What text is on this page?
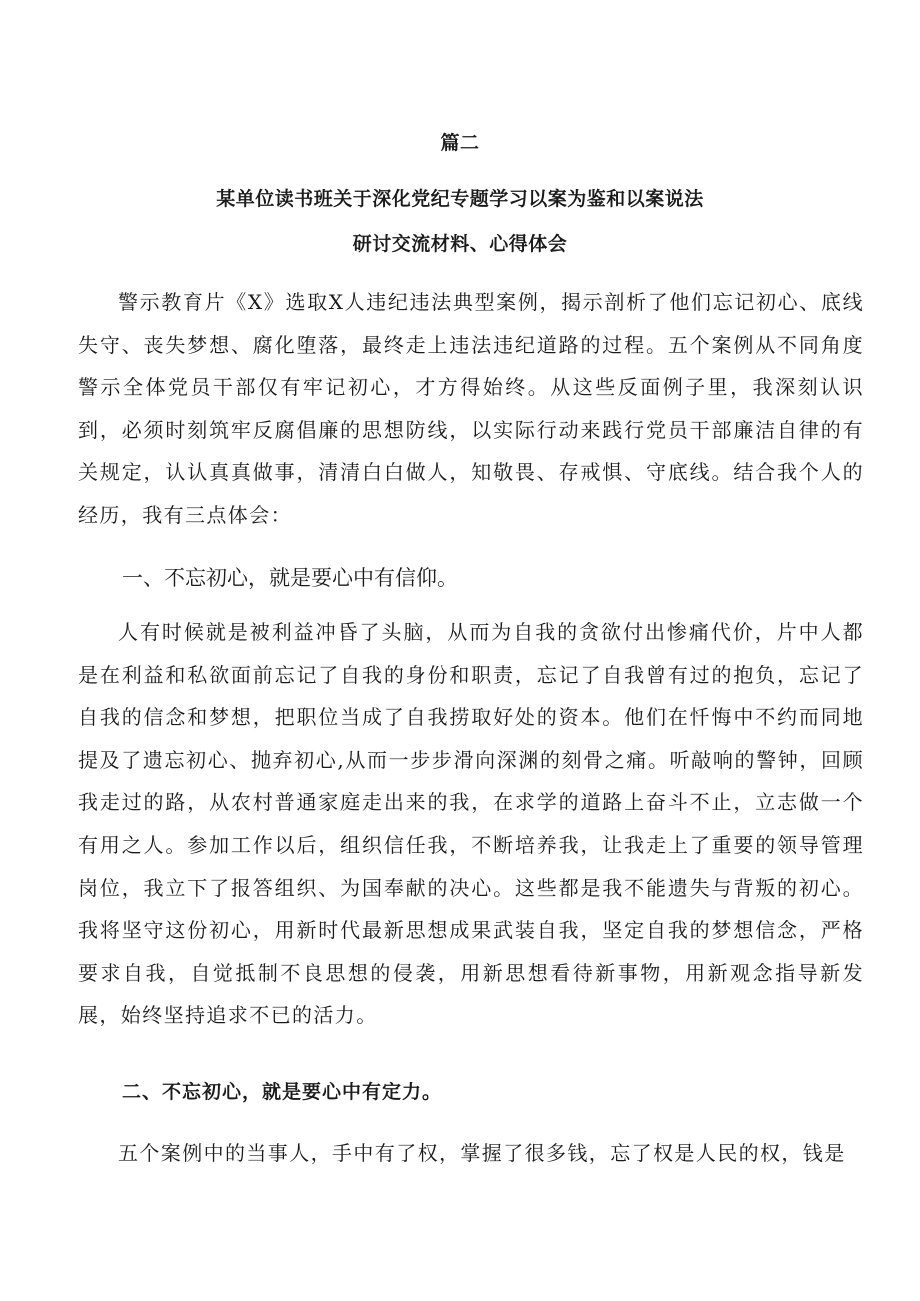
篇二
某单位读书班关于深化党纪专题学习以案为鉴和以案说法
研讨交流材料、心得体会

警示教育片《X》选取X人违纪违法典型案例，揭示剖析了他们忘记初心、底线失守、丧失梦想、腐化堕落，最终走上违法违纪道路的过程。五个案例从不同角度警示全体党员干部仅有牢记初心，才方得始终。从这些反面例子里，我深刻认识到，必须时刻筑牢反腐倡廉的思想防线，以实际行动来践行党员干部廉洁自律的有关规定，认认真真做事，清清白白做人，知敬畏、存戒惧、守底线。结合我个人的经历，我有三点体会：

一、不忘初心，就是要心中有信仰。

人有时候就是被利益冲昏了头脑，从而为自我的贪欲付出惨痛代价，片中人都是在利益和私欲面前忘记了自我的身份和职责，忘记了自我曾有过的抱负，忘记了自我的信念和梦想，把职位当成了自我捞取好处的资本。他们在忏悔中不约而同地提及了遗忘初心、抛弃初心,从而一步步滑向深渊的刻骨之痛。听敲响的警钟，回顾我走过的路，从农村普通家庭走出来的我，在求学的道路上奋斗不止，立志做一个有用之人。参加工作以后，组织信任我，不断培养我，让我走上了重要的领导管理岗位，我立下了报答组织、为国奉献的决心。这些都是我不能遗失与背叛的初心。我将坚守这份初心，用新时代最新思想成果武装自我，坚定自我的梦想信念，严格要求自我，自觉抵制不良思想的侵袭，用新思想看待新事物，用新观念指导新发展，始终坚持追求不已的活力。

二、不忘初心，就是要心中有定力。

五个案例中的当事人，手中有了权，掌握了很多钱，忘了权是人民的权，钱是
